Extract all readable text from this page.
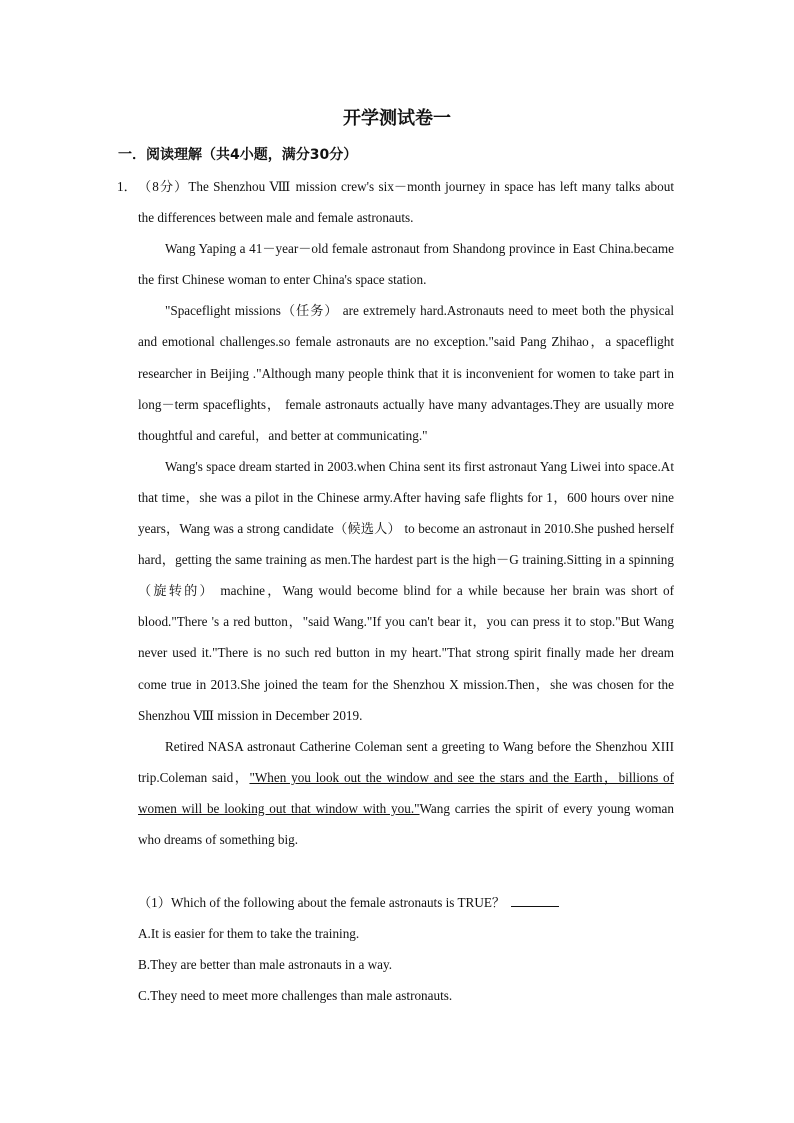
开学测试卷一
一．阅读理解（共4小题，满分30分）
1． （8分）The Shenzhou Ⅷ mission crew's six－month journey in space has left many talks about the differences between male and female astronauts.

Wang Yaping a 41－year－old female astronaut from Shandong province in East China.became the first Chinese woman to enter China's space station.

"Spaceflight missions（任务） are extremely hard.Astronauts need to meet both the physical and emotional challenges.so female astronauts are no exception."said Pang Zhihao，a spaceflight researcher in Beijing ."Although many people think that it is inconvenient for women to take part in long－term spaceflights， female astronauts actually have many advantages.They are usually more thoughtful and careful，and better at communicating."

Wang's space dream started in 2003.when China sent its first astronaut Yang Liwei into space.At that time，she was a pilot in the Chinese army.After having safe flights for 1，600 hours over nine years，Wang was a strong candidate（候选人） to become an astronaut in 2010.She pushed herself hard，getting the same training as men.The hardest part is the high－G training.Sitting in a spinning（旋转的） machine，Wang would become blind for a while because her brain was short of blood."There 's a red button，"said Wang."If you can't bear it，you can press it to stop."But Wang never used it."There is no such red button in my heart."That strong spirit finally made her dream come true in 2013.She joined the team for the Shenzhou X mission.Then，she was chosen for the Shenzhou Ⅷ mission in December 2019.

Retired NASA astronaut Catherine Coleman sent a greeting to Wang before the Shenzhou XIII trip.Coleman said，"When you look out the window and see the stars and the Earth，billions of women will be looking out that window with you."Wang carries the spirit of every young woman who dreams of something big.

（1）Which of the following about the female astronauts is TRUE？

A.It is easier for them to take the training.

B.They are better than male astronauts in a way.

C.They need to meet more challenges than male astronauts.
